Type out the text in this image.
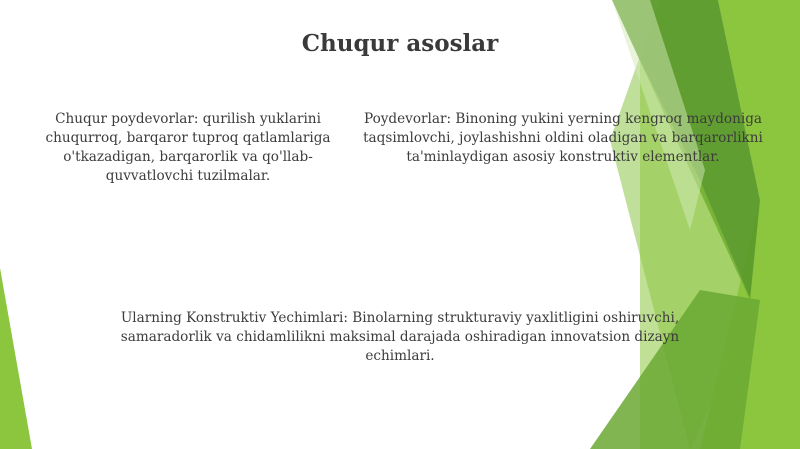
Chuqur asoslar

Chuqur poydevorlar: qurilish yuklarini chuqurroq, barqaror tuproq qatlamlariga o'tkazadigan, barqarorlik va qo'llab-quvvatlovchi tuzilmalar.

Poydevorlar: Binoning yukini yerning kengroq maydoniga taqsimlovchi, joylashishni oldini oladigan va barqarorlikni ta'minlaydigan asosiy konstruktiv elementlar.

Ularning Konstruktiv Yechimlari: Binolarning strukturaviy yaxlitligini oshiruvchi, samaradorlik va chidamlilikni maksimal darajada oshiradigan innovatsion dizayn echimlari.
